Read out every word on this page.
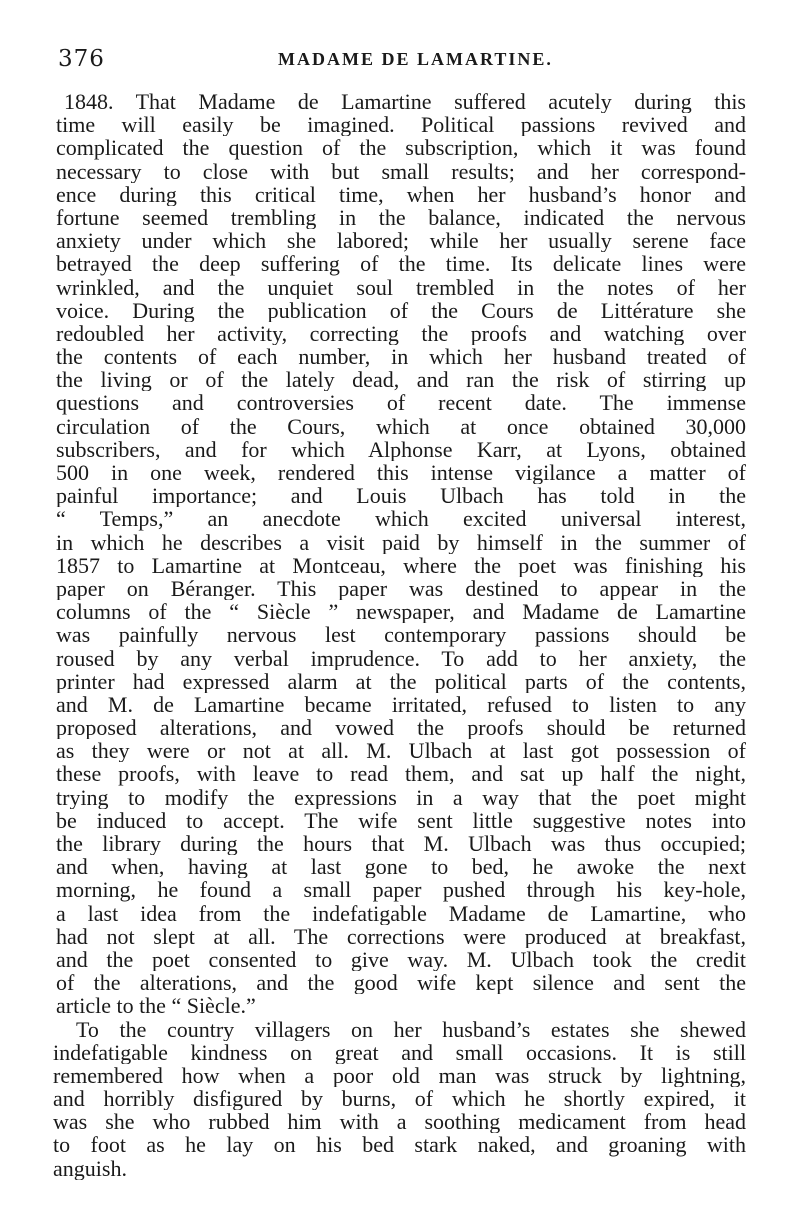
376	MADAME DE LAMARTINE.
1848. That Madame de Lamartine suffered acutely during this
time will easily be imagined. Political passions revived and
complicated the question of the subscription, which it was found
necessary to close with but small results; and her correspond-
ence during this critical time, when her husband’s honor and
fortune seemed trembling in the balance, indicated the nervous
anxiety under which she labored; while her usually serene face
betrayed the deep suffering of the time. Its delicate lines were
wrinkled, and the unquiet soul trembled in the notes of her
voice. During the publication of the Cours de Littérature she
redoubled her activity, correcting the proofs and watching over
the contents of each number, in which her husband treated of
the living or of the lately dead, and ran the risk of stirring up
questions and controversies of recent date. The immense
circulation of the Cours, which at once obtained 30,000
subscribers, and for which Alphonse Karr, at Lyons, obtained
500 in one week, rendered this intense vigilance a matter of
painful importance; and Louis Ulbach has told in the
“ Temps,” an anecdote which excited universal interest,
in which he describes a visit paid by himself in the summer of
1857 to Lamartine at Montceau, where the poet was finishing his
paper on Béranger. This paper was destined to appear in the
columns of the “ Siècle ” newspaper, and Madame de Lamartine
was painfully nervous lest contemporary passions should be
roused by any verbal imprudence. To add to her anxiety, the
printer had expressed alarm at the political parts of the contents,
and M. de Lamartine became irritated, refused to listen to any
proposed alterations, and vowed the proofs should be returned
as they were or not at all. M. Ulbach at last got possession of
these proofs, with leave to read them, and sat up half the night,
trying to modify the expressions in a way that the poet might
be induced to accept. The wife sent little suggestive notes into
the library during the hours that M. Ulbach was thus occupied;
and when, having at last gone to bed, he awoke the next
morning, he found a small paper pushed through his key-hole,
a last idea from the indefatigable Madame de Lamartine, who
had not slept at all. The corrections were produced at breakfast,
and the poet consented to give way. M. Ulbach took the credit
of the alterations, and the good wife kept silence and sent the
article to the “ Siècle.”
To the country villagers on her husband’s estates she shewed
indefatigable kindness on great and small occasions. It is still
remembered how when a poor old man was struck by lightning,
and horribly disfigured by burns, of which he shortly expired, it
was she who rubbed him with a soothing medicament from head
to foot as he lay on his bed stark naked, and groaning with
anguish.
